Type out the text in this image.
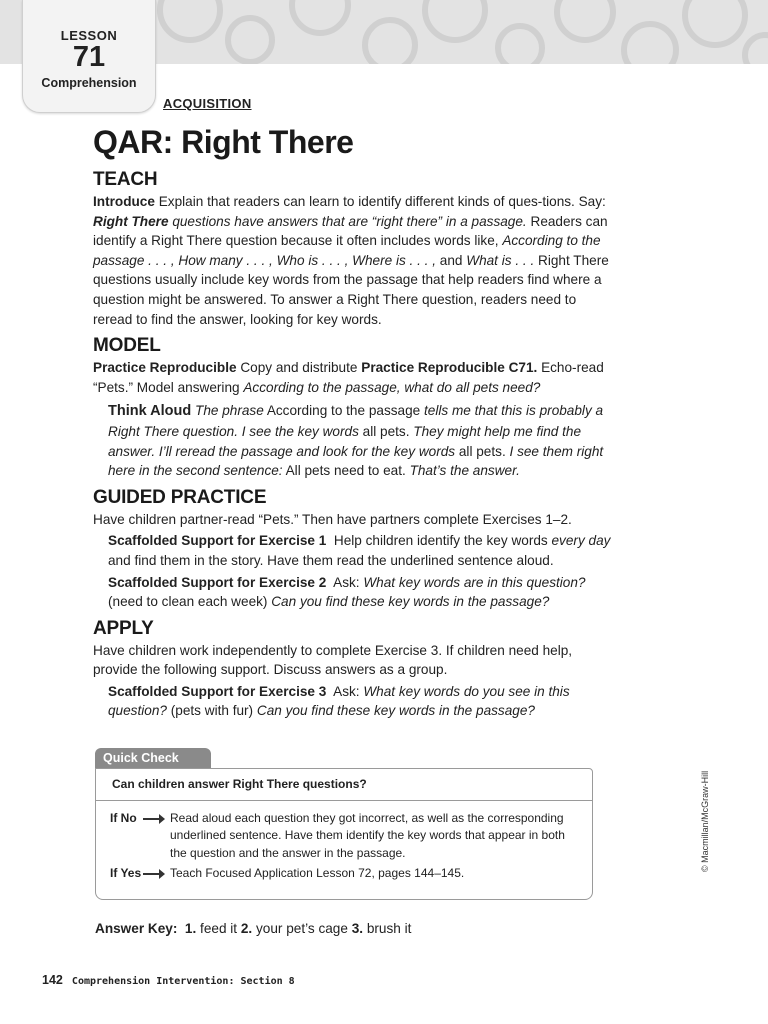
LESSON
71
Comprehension
ACQUISITION
QAR: Right There
TEACH

Introduce Explain that readers can learn to identify different kinds of ques-tions. Say: Right There questions have answers that are “right there” in a passage. Readers can identify a Right There question because it often includes words like, According to the passage . . . , How many . . . , Who is . . . , Where is . . . , and What is . . . Right There questions usually include key words from the passage that help readers find where a question might be answered. To answer a Right There question, readers need to reread to find the answer, looking for key words.

MODEL

Practice Reproducible Copy and distribute Practice Reproducible C71. Echo-read “Pets.” Model answering According to the passage, what do all pets need?

Think Aloud The phrase According to the passage tells me that this is probably a Right There question. I see the key words all pets. They might help me find the answer. I’ll reread the passage and look for the key words all pets. I see them right here in the second sentence: All pets need to eat. That’s the answer.

GUIDED PRACTICE

Have children partner-read “Pets.” Then have partners complete Exercises 1–2.

Scaffolded Support for Exercise 1 Help children identify the key words every day and find them in the story. Have them read the underlined sentence aloud.

Scaffolded Support for Exercise 2 Ask: What key words are in this question? (need to clean each week) Can you find these key words in the passage?

APPLY

Have children work independently to complete Exercise 3. If children need help, provide the following support. Discuss answers as a group.

Scaffolded Support for Exercise 3 Ask: What key words do you see in this question? (pets with fur) Can you find these key words in the passage?

Quick Check
Can children answer Right There questions?
If No	Read aloud each question they got incorrect, as well as the corresponding underlined sentence. Have them identify the key words that appear in both the question and the answer in the passage.
If Yes Teach Focused Application Lesson 72, pages 144–145.
Answer Key: 1. feed it 2. your pet’s cage 3. brush it
© Macmillan/McGraw-Hill
142 Comprehension Intervention: Section 8
